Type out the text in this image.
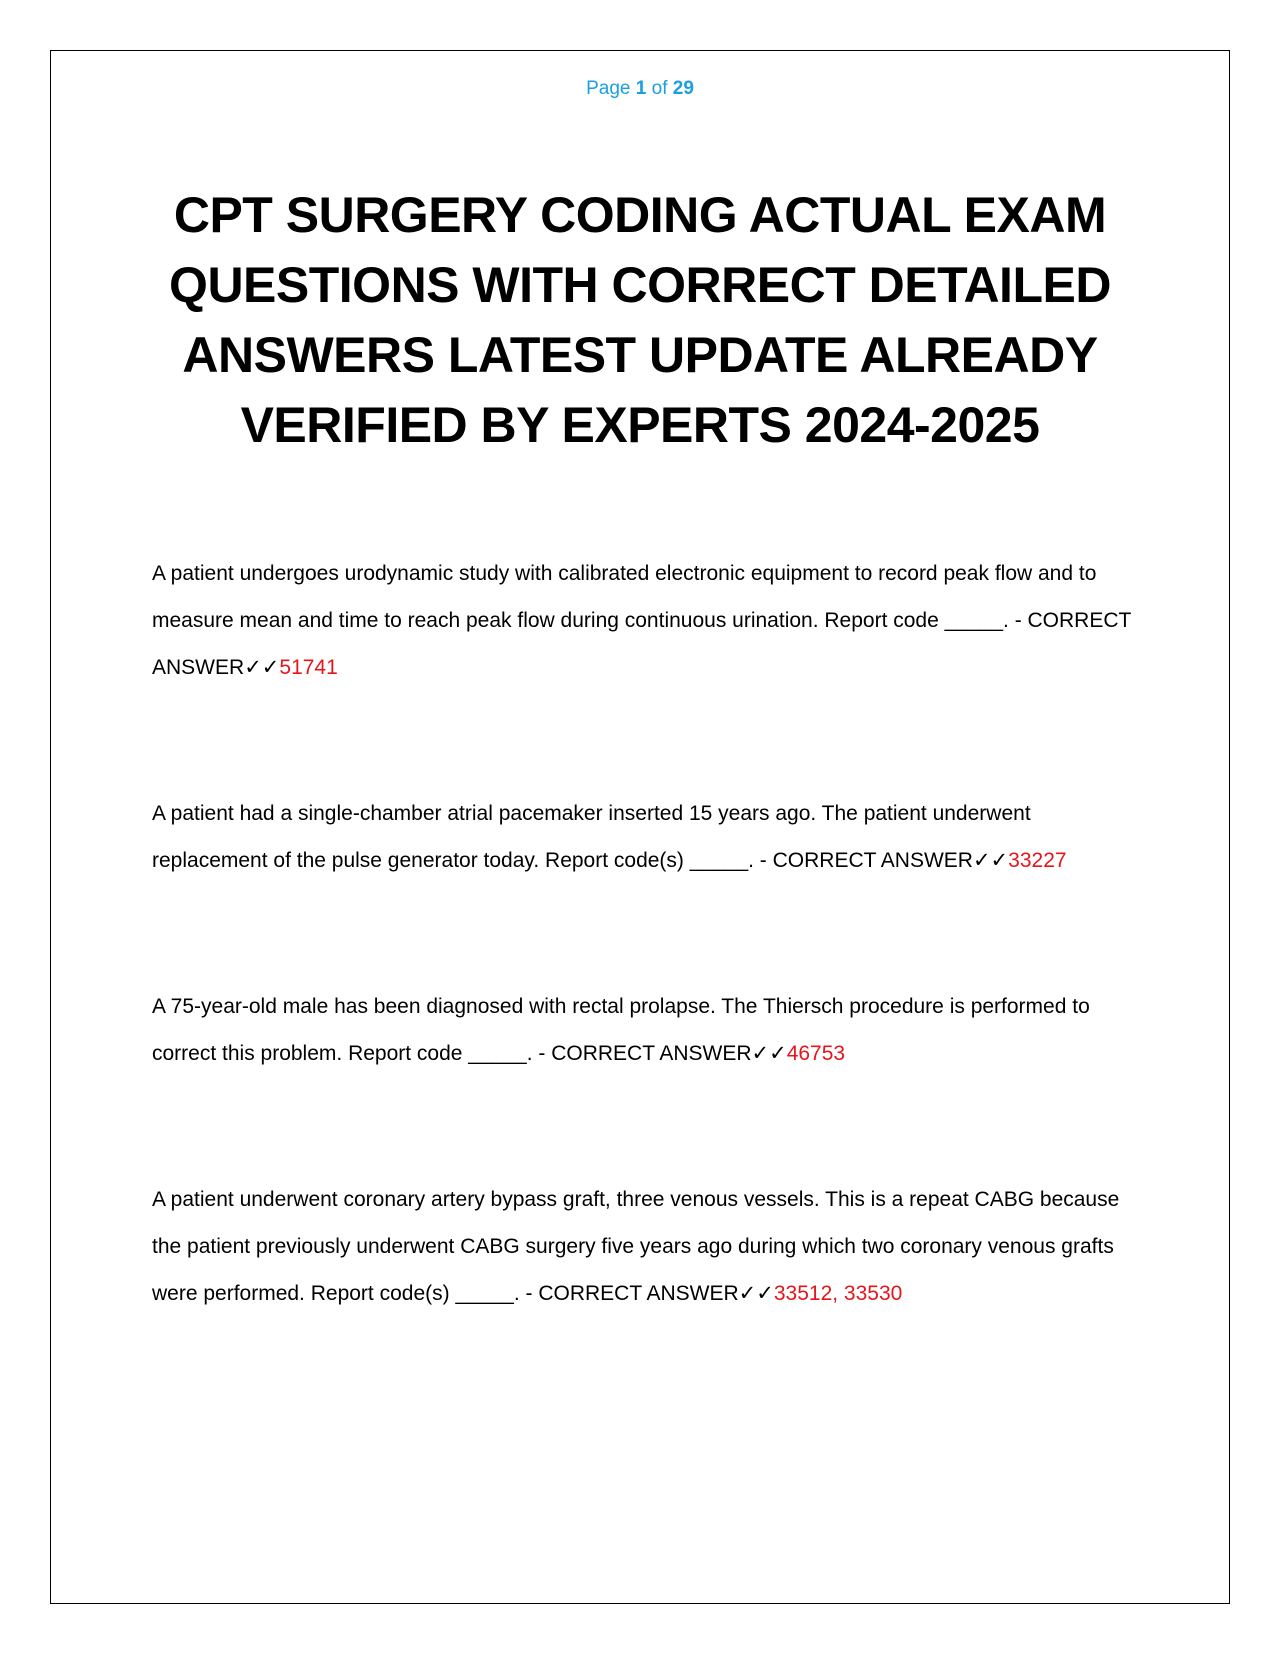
Page 1 of 29
CPT SURGERY CODING ACTUAL EXAM QUESTIONS WITH CORRECT DETAILED ANSWERS LATEST UPDATE ALREADY VERIFIED BY EXPERTS 2024-2025

A patient undergoes urodynamic study with calibrated electronic equipment to record peak flow and to measure mean and time to reach peak flow during continuous urination. Report code _____. - CORRECT ANSWER✓✓51741

A patient had a single-chamber atrial pacemaker inserted 15 years ago. The patient underwent replacement of the pulse generator today. Report code(s) _____. - CORRECT ANSWER✓✓33227

A 75-year-old male has been diagnosed with rectal prolapse. The Thiersch procedure is performed to correct this problem. Report code _____. - CORRECT ANSWER✓✓46753

A patient underwent coronary artery bypass graft, three venous vessels. This is a repeat CABG because the patient previously underwent CABG surgery five years ago during which two coronary venous grafts were performed. Report code(s) _____. - CORRECT ANSWER✓✓33512, 33530
